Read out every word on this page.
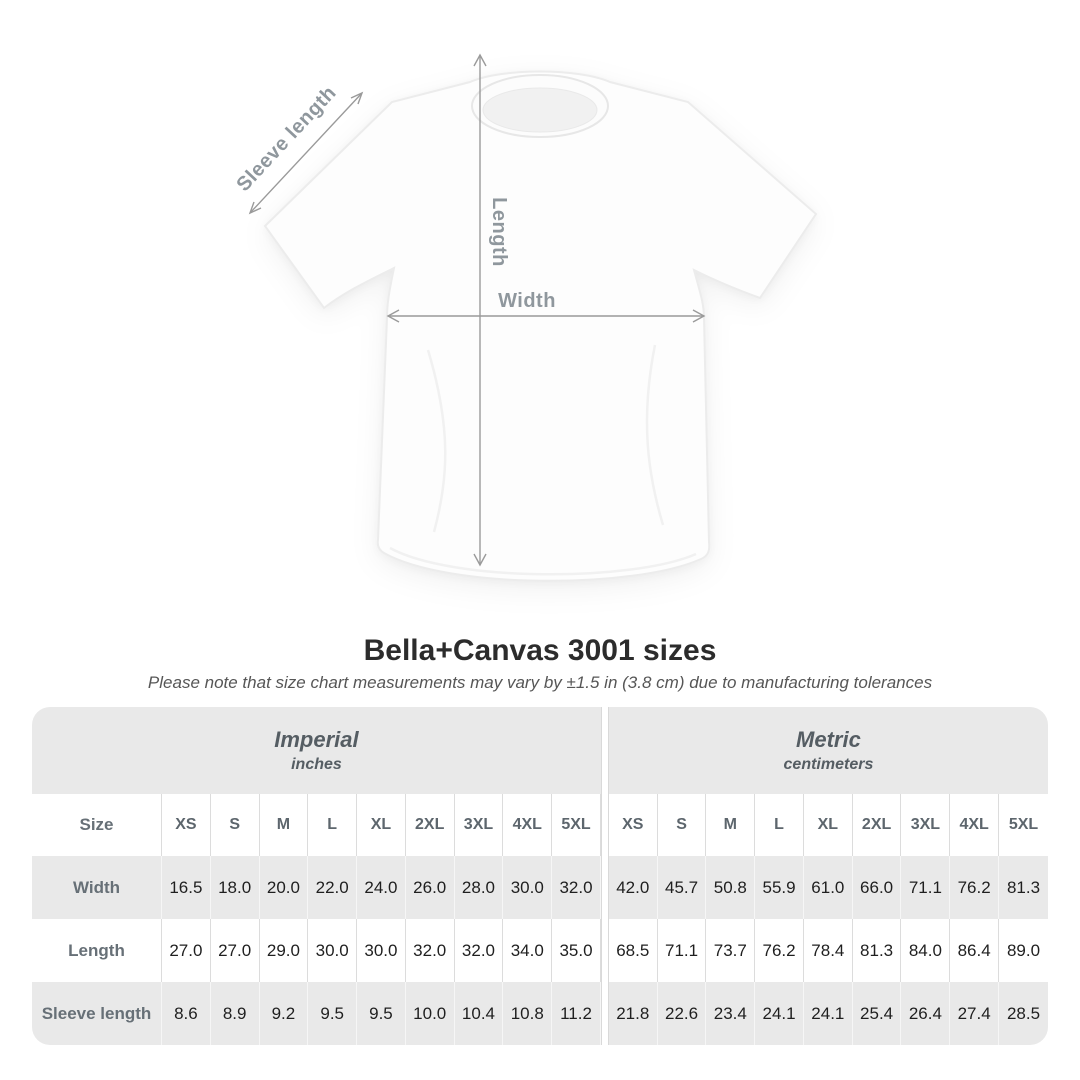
Sleeve length
Length
Width
Bella+Canvas 3001 sizes

Please note that size chart measurements may vary by ±1.5 in (3.8 cm) due to manufacturing tolerances

Imperial
inches

Metric
centimeters

Size	XS	S	M	L	XL	2XL	3XL	4XL	5XL		XS	S	M	L	XL	2XL	3XL	4XL	5XL
Width	16.5	18.0	20.0	22.0	24.0	26.0	28.0	30.0	32.0		42.0	45.7	50.8	55.9	61.0	66.0	71.1	76.2	81.3
Length	27.0	27.0	29.0	30.0	30.0	32.0	32.0	34.0	35.0		68.5	71.1	73.7	76.2	78.4	81.3	84.0	86.4	89.0
Sleeve length	8.6	8.9	9.2	9.5	9.5	10.0	10.4	10.8	11.2		21.8	22.6	23.4	24.1	24.1	25.4	26.4	27.4	28.5
